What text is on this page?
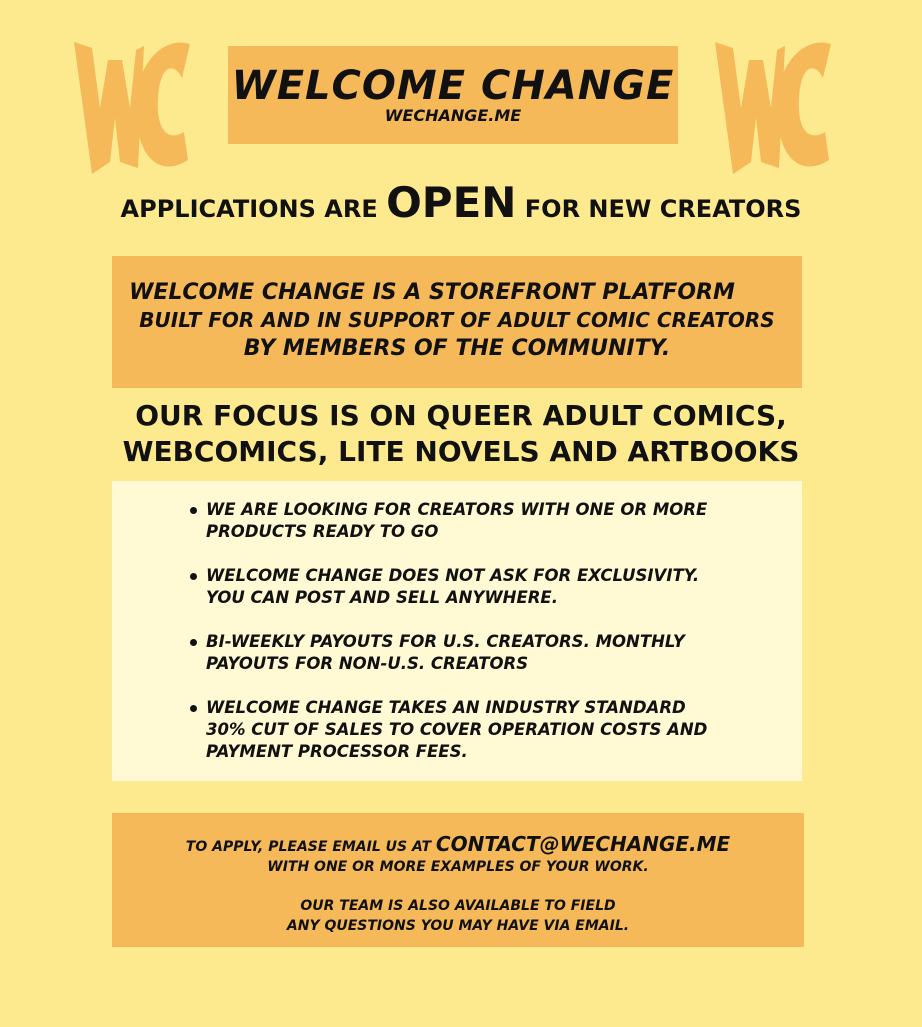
WELCOME CHANGE
WECHANGE.ME
APPLICATIONS ARE OPEN FOR NEW CREATORS
WELCOME CHANGE IS A STOREFRONT PLATFORM
BUILT FOR AND IN SUPPORT OF ADULT COMIC CREATORS
BY MEMBERS OF THE COMMUNITY.
OUR FOCUS IS ON QUEER ADULT COMICS,
WEBCOMICS, LITE NOVELS AND ARTBOOKS
WE ARE LOOKING FOR CREATORS WITH ONE OR MORE PRODUCTS READY TO GO
WELCOME CHANGE DOES NOT ASK FOR EXCLUSIVITY. YOU CAN POST AND SELL ANYWHERE.
BI-WEEKLY PAYOUTS FOR U.S. CREATORS. MONTHLY PAYOUTS FOR NON-U.S. CREATORS
WELCOME CHANGE TAKES AN INDUSTRY STANDARD 30% CUT OF SALES TO COVER OPERATION COSTS AND PAYMENT PROCESSOR FEES.
TO APPLY, PLEASE EMAIL US AT CONTACT@WECHANGE.ME
WITH ONE OR MORE EXAMPLES OF YOUR WORK.
OUR TEAM IS ALSO AVAILABLE TO FIELD
ANY QUESTIONS YOU MAY HAVE VIA EMAIL.
